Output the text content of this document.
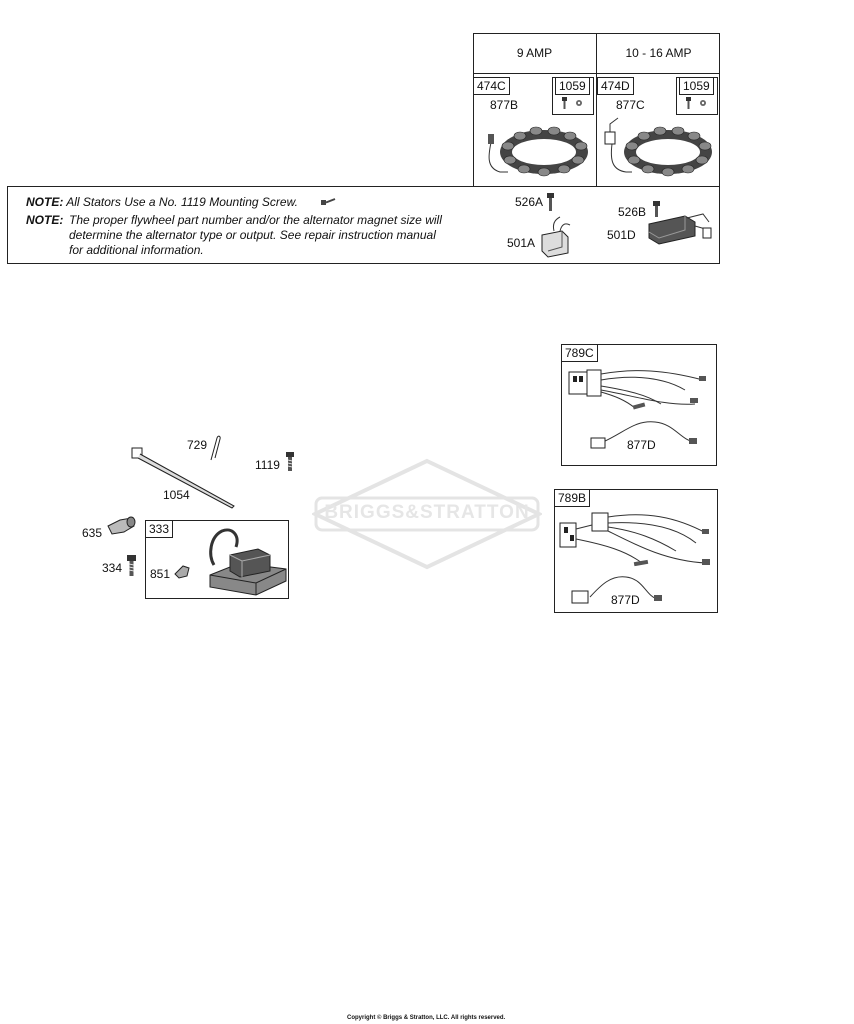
9 AMP	10 - 16 AMP
474C	1059
877B
474D	1059
877C
NOTE: All Stators Use a No. 1119 Mounting Screw.
NOTE: The proper flywheel part number and/or the alternator magnet size will
determine the alternator type or output. See repair instruction manual
for additional information.
526A
501A
526B
501D
789C
877D
789B
877D
729
1119
1054
635
334
333
851
BRIGGS&STRATTON
Copyright © Briggs & Stratton, LLC. All rights reserved.
